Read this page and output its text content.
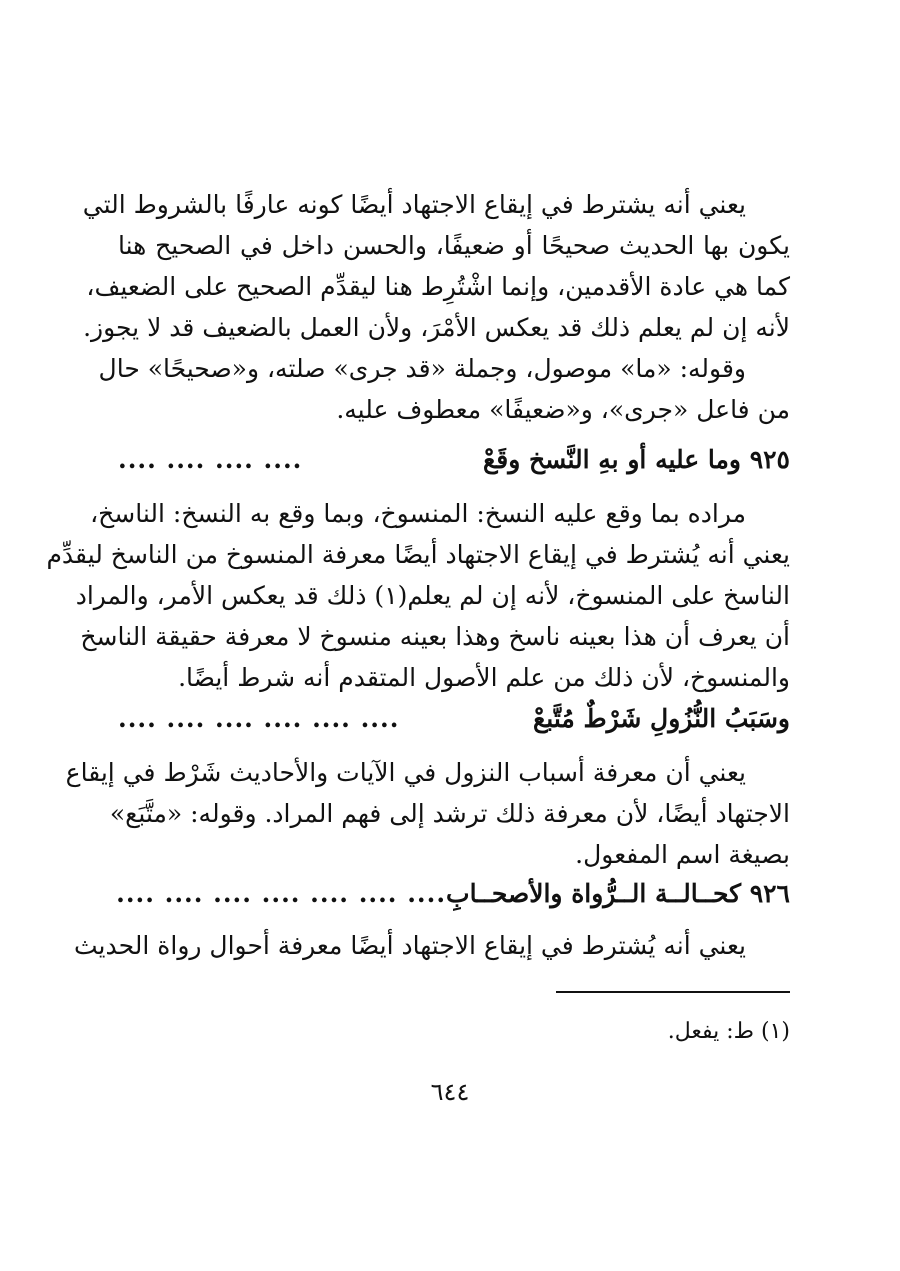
يعني أنه يشترط في إيقاع الاجتهاد أيضًا كونه عارفًا بالشروط التي
يكون بها الحديث صحيحًا أو ضعيفًا، والحسن داخل في الصحيح هنا
كما هي عادة الأقدمين، وإنما اشْتُرِط هنا ليقدِّم الصحيح على الضعيف،
لأنه إن لم يعلم ذلك قد يعكس الأمْرَ، ولأن العمل بالضعيف قد لا يجوز.
وقوله: «ما» موصول، وجملة «قد جرى» صلته، و«صحيحًا» حال
من فاعل «جرى»، و«ضعيفًا» معطوف عليه.
٩٢٥ وما عليه أو بهِ النَّسخ وقَعْ
.... .... .... ....
مراده بما وقع عليه النسخ: المنسوخ، وبما وقع به النسخ: الناسخ،
يعني أنه يُشترط في إيقاع الاجتهاد أيضًا معرفة المنسوخ من الناسخ ليقدِّم
الناسخ على المنسوخ، لأنه إن لم يعلم(١) ذلك قد يعكس الأمر، والمراد
أن يعرف أن هذا بعينه ناسخ وهذا بعينه منسوخ لا معرفة حقيقة الناسخ
والمنسوخ، لأن ذلك من علم الأصول المتقدم أنه شرط أيضًا.
وسَبَبُ النُّزُولِ شَرْطٌ مُتَّبعْ
.... .... .... .... .... ....
يعني أن معرفة أسباب النزول في الآيات والأحاديث شَرْط في إيقاع
الاجتهاد أيضًا، لأن معرفة ذلك ترشد إلى فهم المراد. وقوله: «متَّبَع»
بصيغة اسم المفعول.
٩٢٦ كحــالــة الــرُّواة والأصحــابِ
.... .... .... .... .... .... ....
يعني أنه يُشترط في إيقاع الاجتهاد أيضًا معرفة أحوال رواة الحديث
(١) ط: يفعل.
٦٤٤
